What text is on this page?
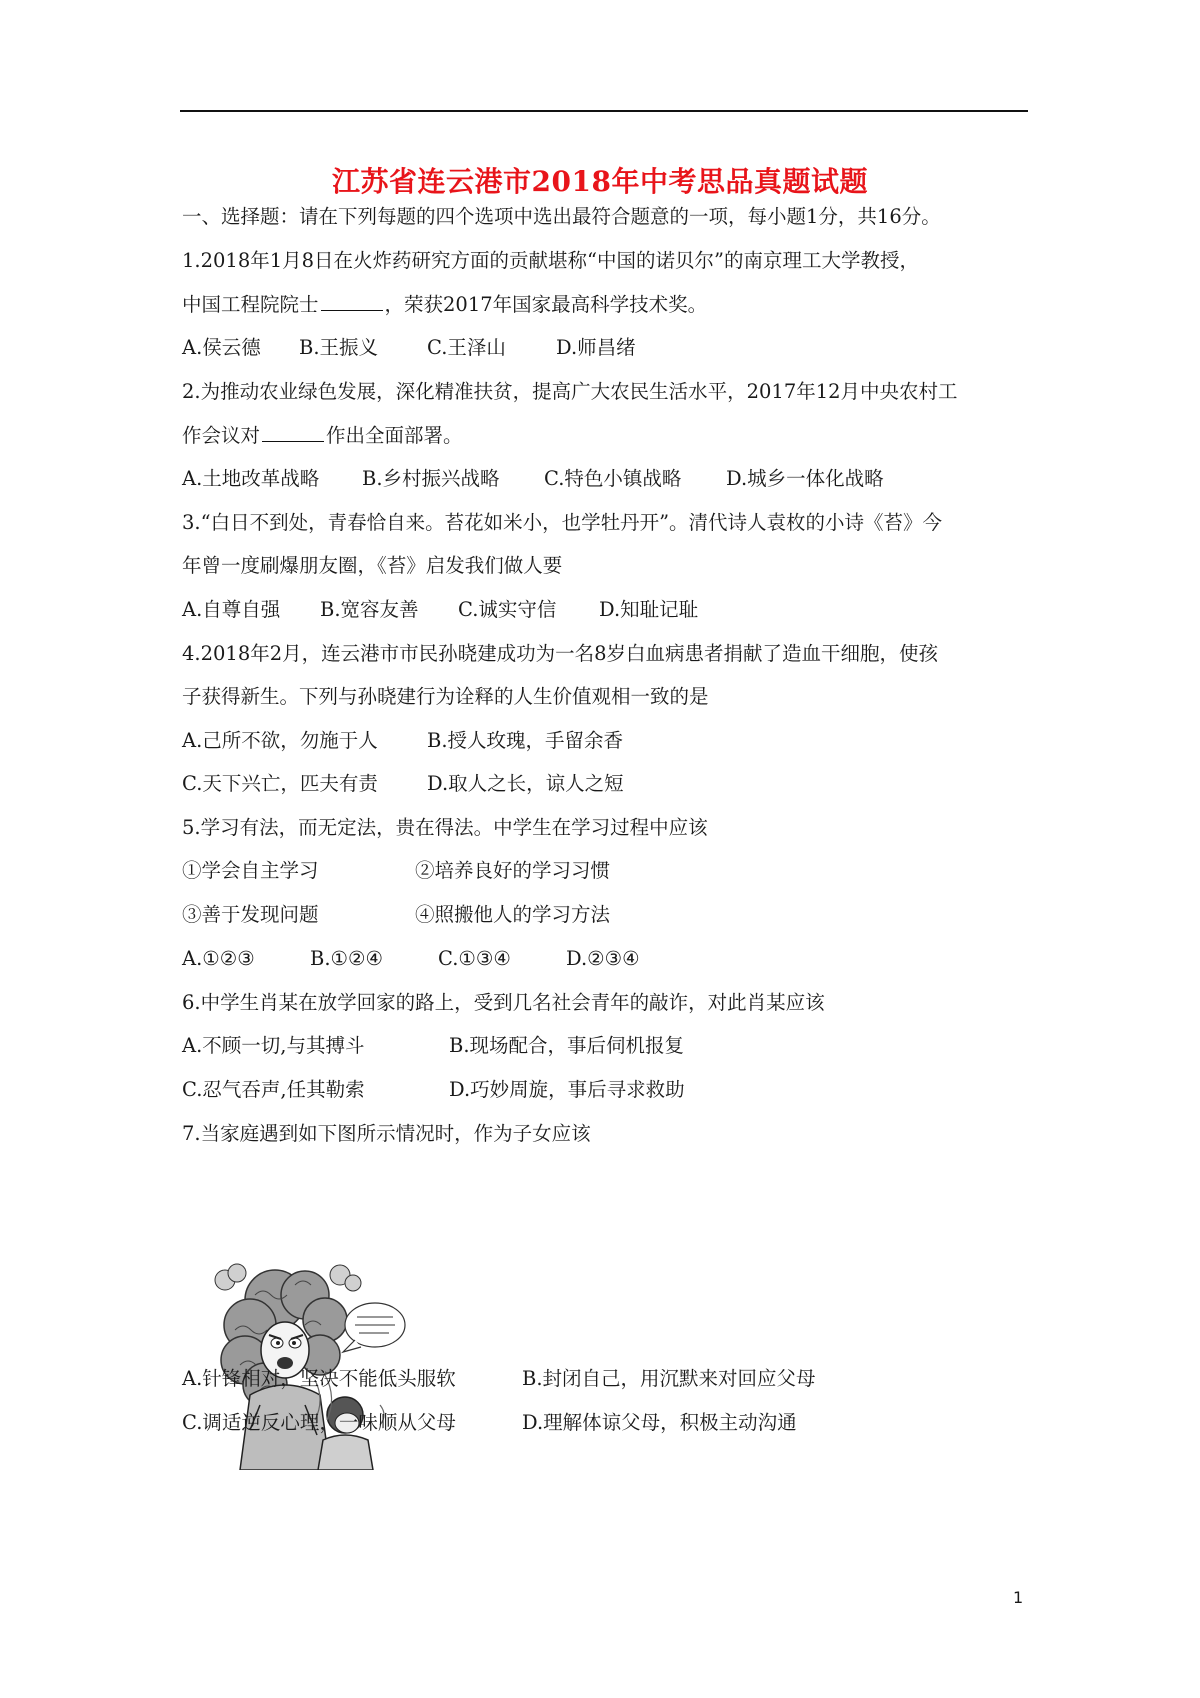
江苏省连云港市2018年中考思品真题试题
一、选择题：请在下列每题的四个选项中选出最符合题意的一项，每小题1分，共16分。
1.2018年1月8日在火炸药研究方面的贡献堪称“中国的诺贝尔”的南京理工大学教授，
中国工程院院士	，荣获2017年国家最高科学技术奖。
A.侯云德 B.王振义	C.王泽山	D.师昌绪
2.为推动农业绿色发展，深化精准扶贫，提高广大农民生活水平，2017年12月中央农村工
作会议对	作出全面部署。
A.土地改革战略 B.乡村振兴战略 C.特色小镇战略 D.城乡一体化战略
3.“白日不到处，青春恰自来。苔花如米小，也学牡丹开”。清代诗人袁枚的小诗《苔》今
年曾一度刷爆朋友圈，《苔》启发我们做人要
A.自尊自强 B.宽容友善 C.诚实守信 D.知耻记耻
4.2018年2月，连云港市市民孙晓建成功为一名8岁白血病患者捐献了造血干细胞，使孩
子获得新生。下列与孙晓建行为诠释的人生价值观相一致的是
A.己所不欲，勿施于人	B.授人玫瑰，手留余香
C.天下兴亡，匹夫有责	D.取人之长，谅人之短
5.学习有法，而无定法，贵在得法。中学生在学习过程中应该
①学会自主学习	②培养良好的学习习惯
③善于发现问题	④照搬他人的学习方法
A.①②③	B.①②④	C.①③④	D.②③④
6.中学生肖某在放学回家的路上，受到几名社会青年的敲诈，对此肖某应该
A.不顾一切,与其搏斗	B.现场配合，事后伺机报复
C.忍气吞声,任其勒索	D.巧妙周旋，事后寻求救助
7.当家庭遇到如下图所示情况时，作为子女应该
A.针锋相对，坚决不能低头服软	B.封闭自己，用沉默来对回应父母
C.调适逆反心理，一味顺从父母	D.理解体谅父母，积极主动沟通
1
